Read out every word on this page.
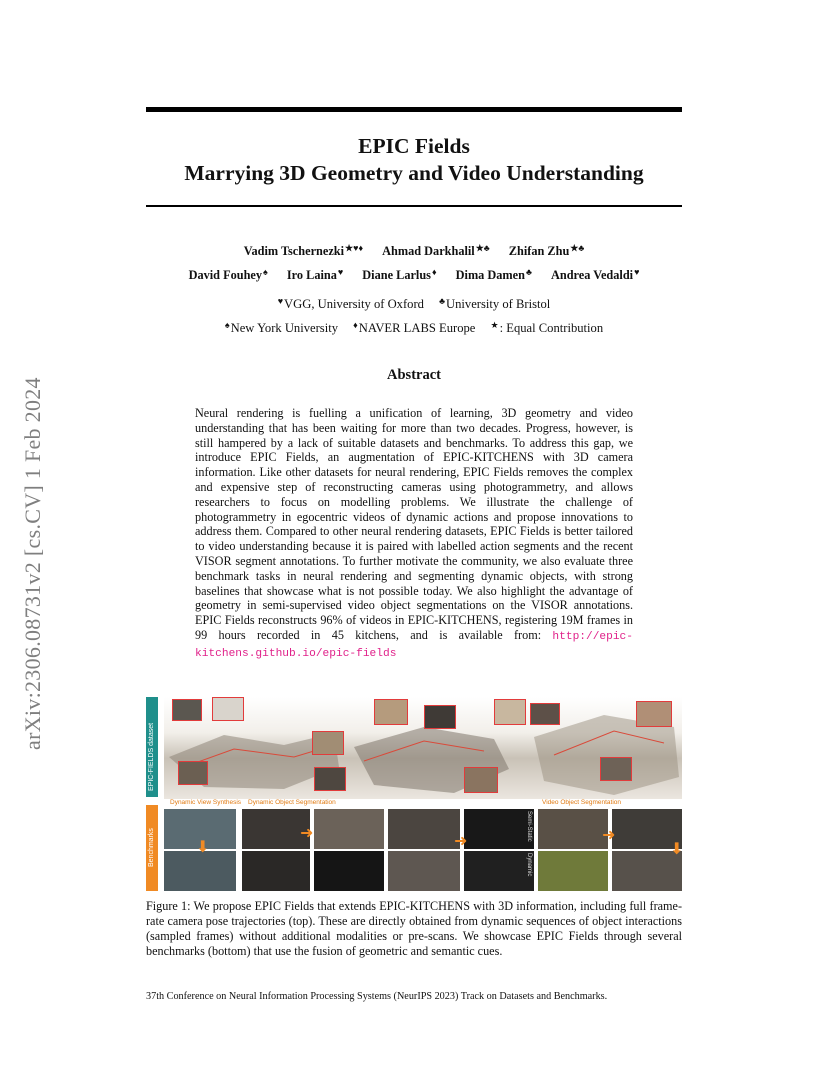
EPIC Fields
Marrying 3D Geometry and Video Understanding
Vadim Tschernezki★♥♦ Ahmad Darkhalil★♣ Zhifan Zhu★♣
David Fouhey♠ Iro Laina♥ Diane Larlus♦ Dima Damen♣ Andrea Vedaldi♥
♥VGG, University of Oxford ♣University of Bristol
♠New York University ♦NAVER LABS Europe ★: Equal Contribution
Abstract
Neural rendering is fuelling a unification of learning, 3D geometry and video understanding that has been waiting for more than two decades. Progress, however, is still hampered by a lack of suitable datasets and benchmarks. To address this gap, we introduce EPIC Fields, an augmentation of EPIC-KITCHENS with 3D camera information. Like other datasets for neural rendering, EPIC Fields removes the complex and expensive step of reconstructing cameras using photogrammetry, and allows researchers to focus on modelling problems. We illustrate the challenge of photogrammetry in egocentric videos of dynamic actions and propose innovations to address them. Compared to other neural rendering datasets, EPIC Fields is better tailored to video understanding because it is paired with labelled action segments and the recent VISOR segment annotations. To further motivate the community, we also evaluate three benchmark tasks in neural rendering and segmenting dynamic objects, with strong baselines that showcase what is not possible today. We also highlight the advantage of geometry in semi-supervised video object segmentations on the VISOR annotations. EPIC Fields reconstructs 96% of videos in EPIC-KITCHENS, registering 19M frames in 99 hours recorded in 45 kitchens, and is available from: http://epic-kitchens.github.io/epic-fields
arXiv:2306.08731v2 [cs.CV] 1 Feb 2024
EPIC-FIELDS dataset
Benchmarks
Dynamic View Synthesis Dynamic Object Segmentation	Video Object Segmentation
Semi-Static
Dynamic
⬇
➜	➜	➜
⬇
Figure 1: We propose EPIC Fields that extends EPIC-KITCHENS with 3D information, including full frame-rate camera pose trajectories (top). These are directly obtained from dynamic sequences of object interactions (sampled frames) without additional modalities or pre-scans. We showcase EPIC Fields through several benchmarks (bottom) that use the fusion of geometric and semantic cues.
37th Conference on Neural Information Processing Systems (NeurIPS 2023) Track on Datasets and Benchmarks.
